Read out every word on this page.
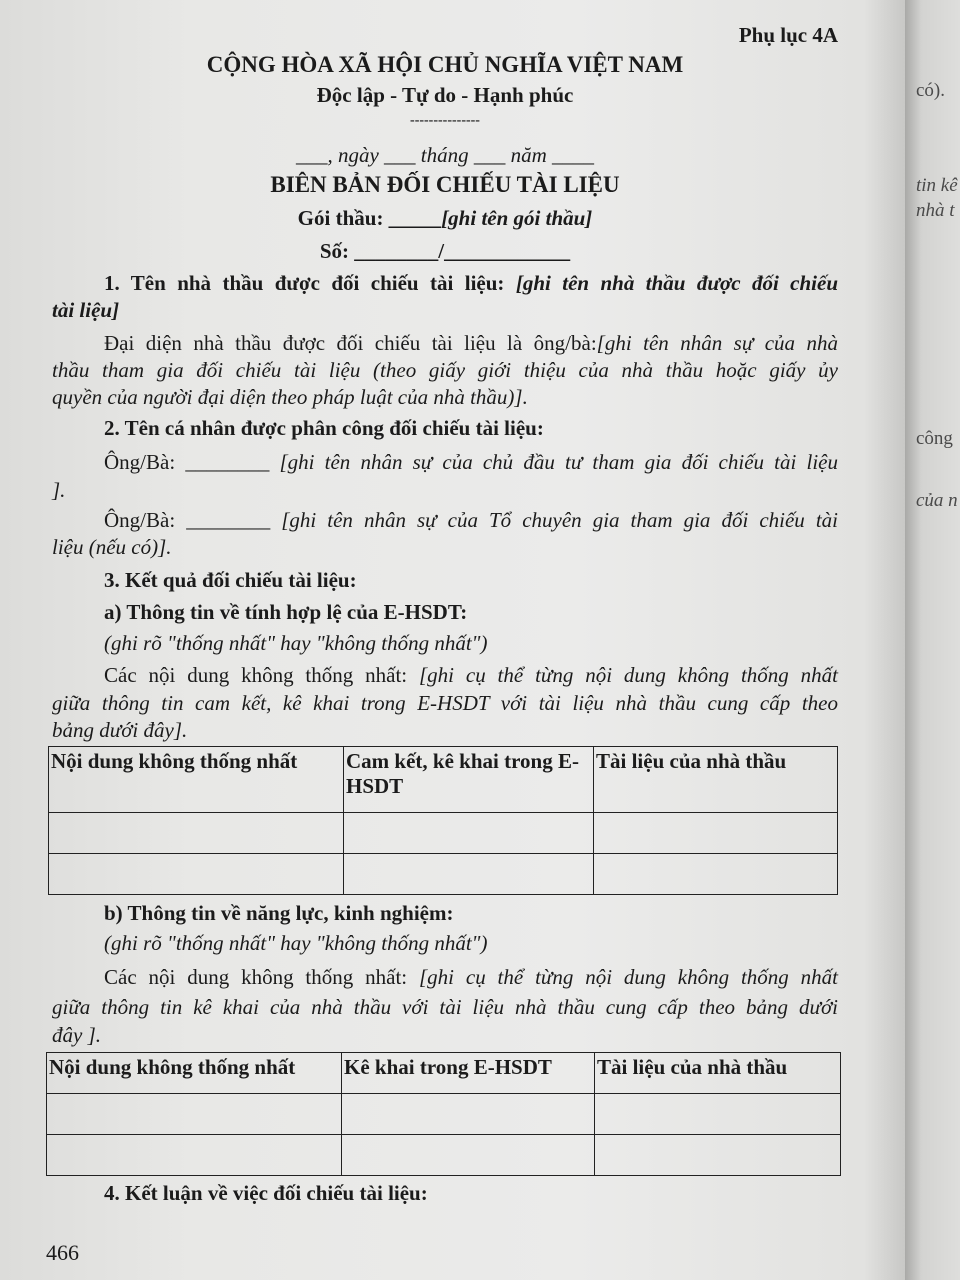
có).
tin kê
nhà t
công
của n
Phụ lục 4A
CỘNG HÒA XÃ HỘI CHỦ NGHĨA VIỆT NAM
Độc lập - Tự do - Hạnh phúc
---------------
___, ngày ___ tháng ___ năm ____
BIÊN BẢN ĐỐI CHIẾU TÀI LIỆU
Gói thầu: _____[ghi tên gói thầu]
Số: ________/____________
1. Tên nhà thầu được đối chiếu tài liệu: [ghi tên nhà thầu được đối chiếu
tài liệu]
Đại diện nhà thầu được đối chiếu tài liệu là ông/bà:[ghi tên nhân sự của nhà
thầu tham gia đối chiếu tài liệu (theo giấy giới thiệu của nhà thầu hoặc giấy ủy
quyền của người đại diện theo pháp luật của nhà thầu)].
2. Tên cá nhân được phân công đối chiếu tài liệu:
Ông/Bà: ________ [ghi tên nhân sự của chủ đầu tư tham gia đối chiếu tài liệu
].
Ông/Bà: ________ [ghi tên nhân sự của Tổ chuyên gia tham gia đối chiếu tài
liệu (nếu có)].
3. Kết quả đối chiếu tài liệu:
a) Thông tin về tính hợp lệ của E-HSDT:
(ghi rõ "thống nhất" hay "không thống nhất")
Các nội dung không thống nhất: [ghi cụ thể từng nội dung không thống nhất
giữa thông tin cam kết, kê khai trong E-HSDT với tài liệu nhà thầu cung cấp theo
bảng dưới đây].
Nội dung không thống nhất	Cam kết, kê khai trong E-HSDT	Tài liệu của nhà thầu

b) Thông tin về năng lực, kinh nghiệm:
(ghi rõ "thống nhất" hay "không thống nhất")
Các nội dung không thống nhất: [ghi cụ thể từng nội dung không thống nhất
giữa thông tin kê khai của nhà thầu với tài liệu nhà thầu cung cấp theo bảng dưới
đây ].
Nội dung không thống nhất	Kê khai trong E-HSDT	Tài liệu của nhà thầu

4. Kết luận về việc đối chiếu tài liệu:
466
